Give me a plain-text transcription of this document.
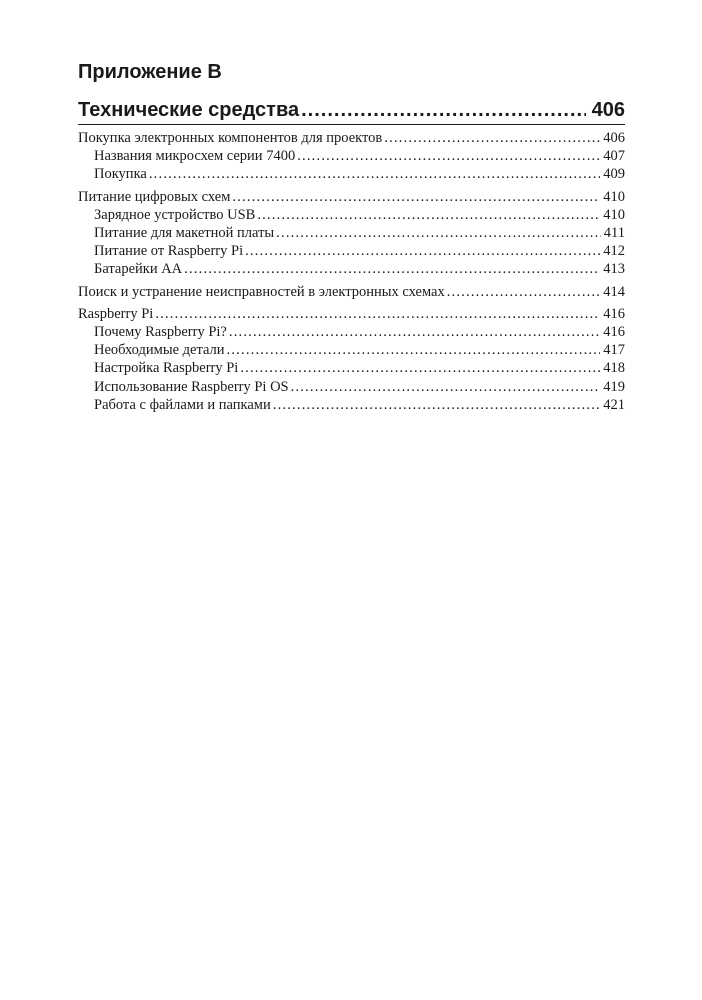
Приложение В
Технические средства .....	406
Покупка электронных компонентов для проектов .....	406
Названия микросхем серии 7400 .....	407
Покупка .....	409
Питание цифровых схем .....	410
Зарядное устройство USB .....	410
Питание для макетной платы .....	411
Питание от Raspberry Pi .....	412
Батарейки AA .....	413
Поиск и устранение неисправностей в электронных схемах .....	414
Raspberry Pi .....	416
Почему Raspberry Pi? .....	416
Необходимые детали .....	417
Настройка Raspberry Pi .....	418
Использование Raspberry Pi OS .....	419
Работа с файлами и папками .....	421
